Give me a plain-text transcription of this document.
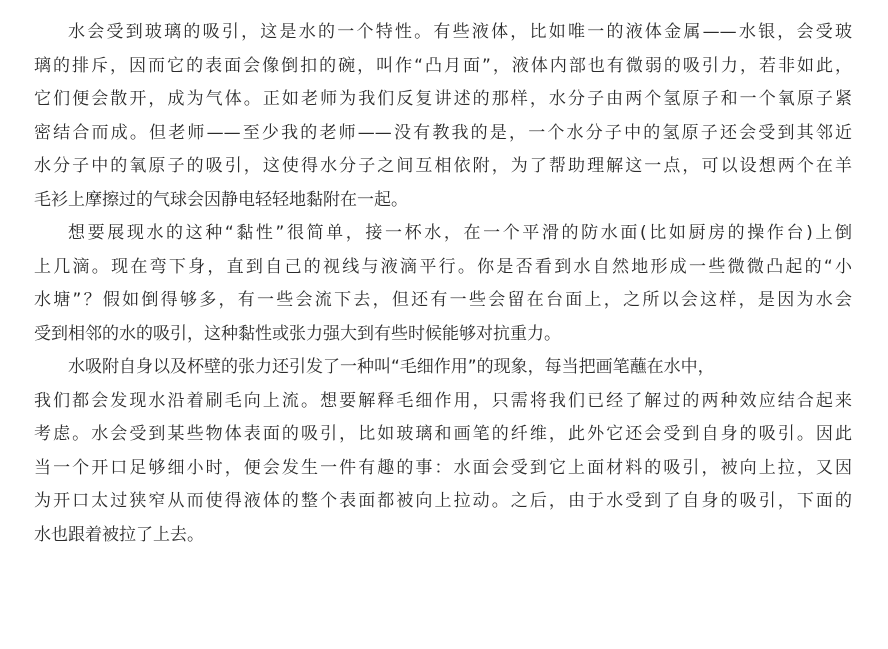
水会受到玻璃的吸引，这是水的一个特性。有些液体，比如唯一的液体金属——水银，会受玻
璃的排斥，因而它的表面会像倒扣的碗，叫作“凸月面”，液体内部也有微弱的吸引力，若非如此，
它们便会散开，成为气体。正如老师为我们反复讲述的那样，水分子由两个氢原子和一个氧原子紧
密结合而成。但老师——至少我的老师——没有教我的是，一个水分子中的氢原子还会受到其邻近
水分子中的氧原子的吸引，这使得水分子之间互相依附，为了帮助理解这一点，可以设想两个在羊
毛衫上摩擦过的气球会因静电轻轻地黏附在一起。
想要展现水的这种“黏性”很简单，接一杯水，在一个平滑的防水面(比如厨房的操作台)上倒
上几滴。现在弯下身，直到自己的视线与液滴平行。你是否看到水自然地形成一些微微凸起的“小
水塘”？假如倒得够多，有一些会流下去，但还有一些会留在台面上，之所以会这样，是因为水会
受到相邻的水的吸引，这种黏性或张力强大到有些时候能够对抗重力。
水吸附自身以及杯壁的张力还引发了一种叫“毛细作用”的现象，每当把画笔蘸在水中，
我们都会发现水沿着刷毛向上流。想要解释毛细作用，只需将我们已经了解过的两种效应结合起来
考虑。水会受到某些物体表面的吸引，比如玻璃和画笔的纤维，此外它还会受到自身的吸引。因此
当一个开口足够细小时，便会发生一件有趣的事：水面会受到它上面材料的吸引，被向上拉，又因
为开口太过狭窄从而使得液体的整个表面都被向上拉动。之后，由于水受到了自身的吸引，下面的
水也跟着被拉了上去。
